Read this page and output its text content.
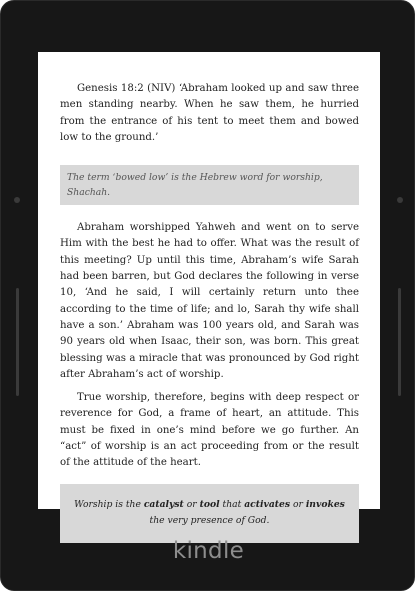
Genesis 18:2 (NIV) ‘Abraham looked up and saw three men standing nearby. When he saw them, he hurried from the entrance of his tent to meet them and bowed low to the ground.’

The term ‘bowed low’ is the Hebrew word for worship, Shachah.

Abraham worshipped Yahweh and went on to serve Him with the best he had to offer. What was the result of this meeting? Up until this time, Abraham’s wife Sarah had been barren, but God declares the following in verse 10, ‘And he said, I will certainly return unto thee according to the time of life; and lo, Sarah thy wife shall have a son.’ Abraham was 100 years old, and Sarah was 90 years old when Isaac, their son, was born. This great blessing was a miracle that was pronounced by God right after Abraham’s act of worship.

True worship, therefore, begins with deep respect or reverence for God, a frame of heart, an attitude. This must be fixed in one’s mind before we go further. An “act” of worship is an act proceeding from or the result of the attitude of the heart.

Worship is the catalyst or tool that activates or invokes
the very presence of God.
kindle
